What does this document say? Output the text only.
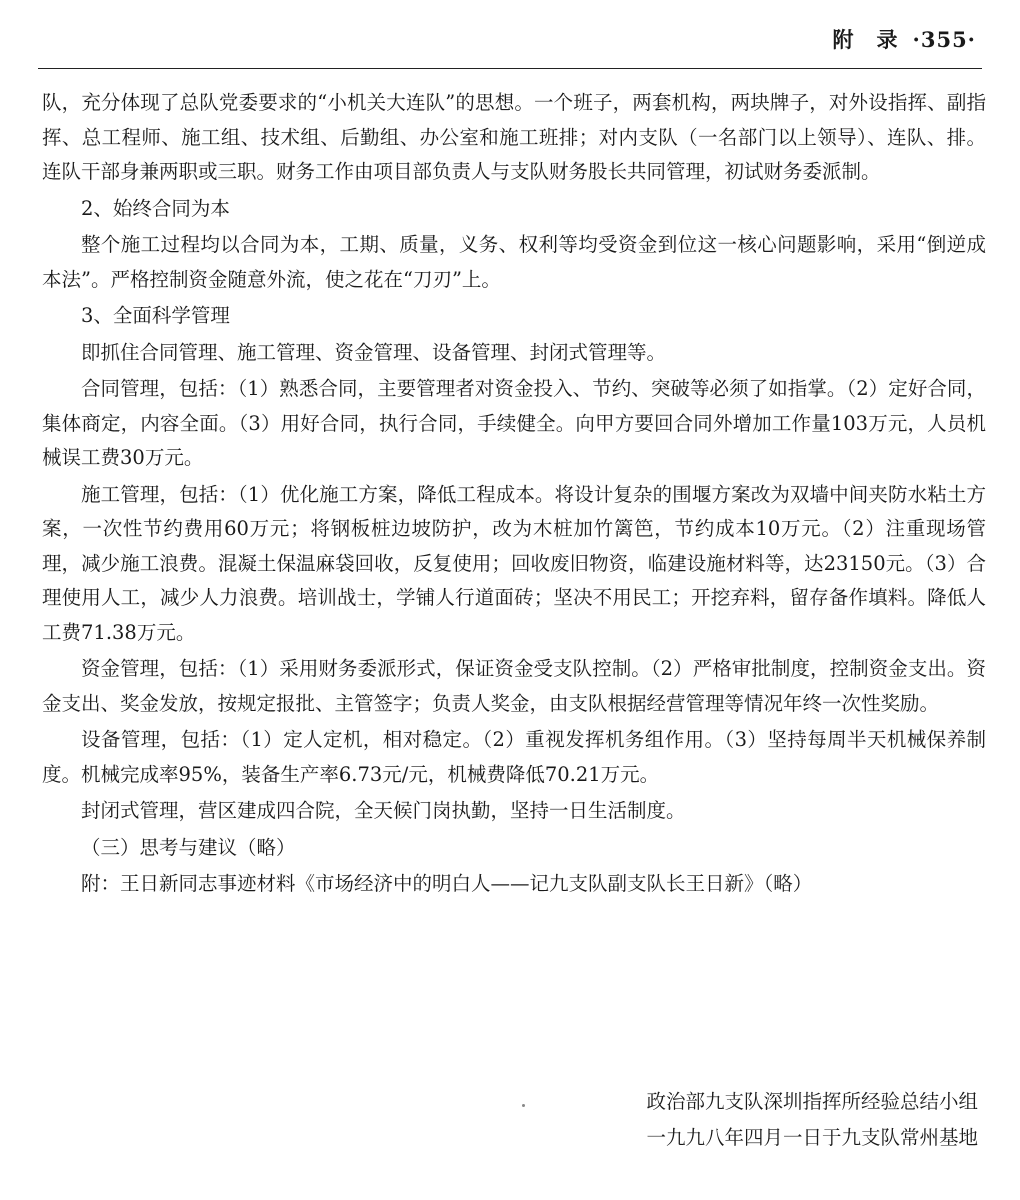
附　录 ·355·

队，充分体现了总队党委要求的“小机关大连队”的思想。一个班子，两套机构，两块牌子，对外设指挥、副指挥、总工程师、施工组、技术组、后勤组、办公室和施工班排；对内支队（一名部门以上领导）、连队、排。连队干部身兼两职或三职。财务工作由项目部负责人与支队财务股长共同管理，初试财务委派制。

2、始终合同为本

整个施工过程均以合同为本，工期、质量，义务、权利等均受资金到位这一核心问题影响，采用“倒逆成本法”。严格控制资金随意外流，使之花在“刀刃”上。

3、全面科学管理

即抓住合同管理、施工管理、资金管理、设备管理、封闭式管理等。

合同管理，包括：（1）熟悉合同，主要管理者对资金投入、节约、突破等必须了如指掌。（2）定好合同，集体商定，内容全面。（3）用好合同，执行合同，手续健全。向甲方要回合同外增加工作量103万元，人员机械误工费30万元。

施工管理，包括：（1）优化施工方案，降低工程成本。将设计复杂的围堰方案改为双墙中间夹防水粘土方案，一次性节约费用60万元；将钢板桩边坡防护，改为木桩加竹篱笆，节约成本10万元。（2）注重现场管理，减少施工浪费。混凝土保温麻袋回收，反复使用；回收废旧物资，临建设施材料等，达23150元。（3）合理使用人工，减少人力浪费。培训战士，学铺人行道面砖；坚决不用民工；开挖弃料，留存备作填料。降低人工费71.38万元。

资金管理，包括：（1）采用财务委派形式，保证资金受支队控制。（2）严格审批制度，控制资金支出。资金支出、奖金发放，按规定报批、主管签字；负责人奖金，由支队根据经营管理等情况年终一次性奖励。

设备管理，包括：（1）定人定机，相对稳定。（2）重视发挥机务组作用。（3）坚持每周半天机械保养制度。机械完成率95%，装备生产率6.73元/元，机械费降低70.21万元。

封闭式管理，营区建成四合院，全天候门岗执勤，坚持一日生活制度。

（三）思考与建议（略）

附：王日新同志事迹材料《市场经济中的明白人——记九支队副支队长王日新》（略）

政治部九支队深圳指挥所经验总结小组
一九九八年四月一日于九支队常州基地
